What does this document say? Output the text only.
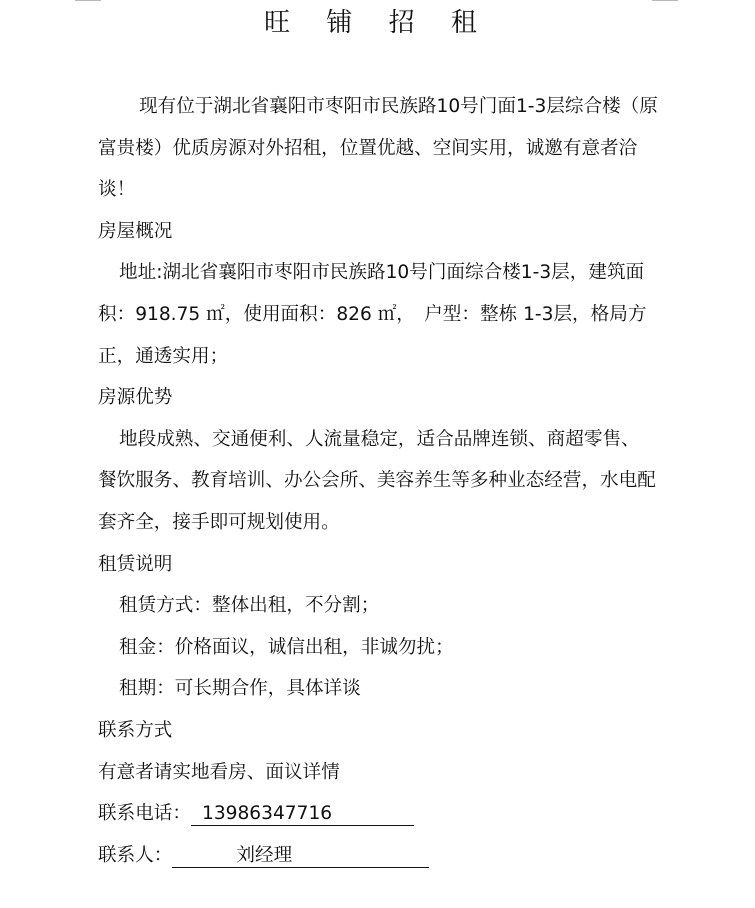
旺 铺 招 租

现有位于湖北省襄阳市枣阳市民族路10号门面1-3层综合楼（原富贵楼）优质房源对外招租，位置优越、空间实用，诚邀有意者洽谈！

房屋概况

地址:湖北省襄阳市枣阳市民族路10号门面综合楼1-3层，建筑面积：918.75 ㎡，使用面积：826 ㎡，　户型：整栋 1-3层，格局方正，通透实用；

房源优势

地段成熟、交通便利、人流量稳定，适合品牌连锁、商超零售、餐饮服务、教育培训、办公会所、美容养生等多种业态经营，水电配套齐全，接手即可规划使用。

租赁说明

租赁方式：整体出租，不分割；

租金：价格面议，诚信出租，非诚勿扰；

租期：可长期合作，具体详谈

联系方式

有意者请实地看房、面议详情

联系电话： 13986347716

联系人：	刘经理
